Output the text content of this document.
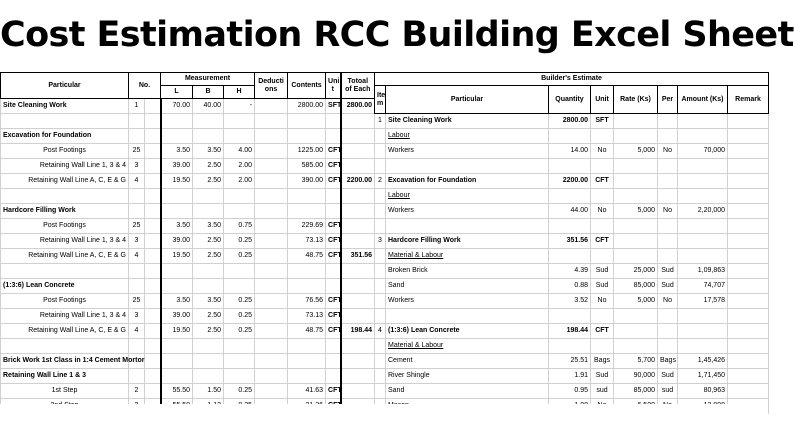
Cost Estimation RCC Building Excel Sheet
Particular	No.		Measurement			Deducti ons	Contents	Uni t	Totoal of Each
			L	B	H				
Site Cleaning Work	1		70.00	40.00	-		2800.00	SFT	2800.00

Excavation for Foundation									
Post Footings	25		3.50	3.50	4.00		1225.00	CFT	
Retaining Wall Line 1, 3 & 4	3		39.00	2.50	2.00		585.00	CFT	
Retaining Wall Line A, C, E & G	4		19.50	2.50	2.00		390.00	CFT	2200.00

Hardcore Filling Work									
Post Footings	25		3.50	3.50	0.75		229.69	CFT	
Retaining Wall Line 1, 3 & 4	3		39.00	2.50	0.25		73.13	CFT	
Retaining Wall Line A, C, E & G	4		19.50	2.50	0.25		48.75	CFT	351.56

(1:3:6) Lean Concrete									
Post Footings	25		3.50	3.50	0.25		76.56	CFT	
Retaining Wall Line 1, 3 & 4	3		39.00	2.50	0.25		73.13	CFT	
Retaining Wall Line A, C, E & G	4		19.50	2.50	0.25		48.75	CFT	198.44

Brick Work 1st Class in 1:4 Cement Mortor									
Retaining Wall Line 1 & 3									
1st Step	2		55.50	1.50	0.25		41.63	CFT	

Builder's Estimate							
Ite m	Particular	Quantity	Unit	Rate (Ks)	Per	Amount (Ks)	Remark
1	Site Cleaning Work	2800.00	SFT				
	Labour						
	Workers	14.00	No	5,000	No	70,000	

2	Excavation for Foundation	2200.00	CFT				
	Labour						
	Workers	44.00	No	5,000	No	2,20,000	

3	Hardcore Filling Work	351.56	CFT				
	Material & Labour						
	Broken Brick	4.39	Sud	25,000	Sud	1,09,863	
	Sand	0.88	Sud	85,000	Sud	74,707	
	Workers	3.52	No	5,000	No	17,578	

4	(1:3:6) Lean Concrete	198.44	CFT				
	Material & Labour						
	Cement	25.51	Bags	5,700	Bags	1,45,426	
	River Shingle	1.91	Sud	90,000	Sud	1,71,450	
	Sand	0.95	sud	85,000	sud	80,963	
